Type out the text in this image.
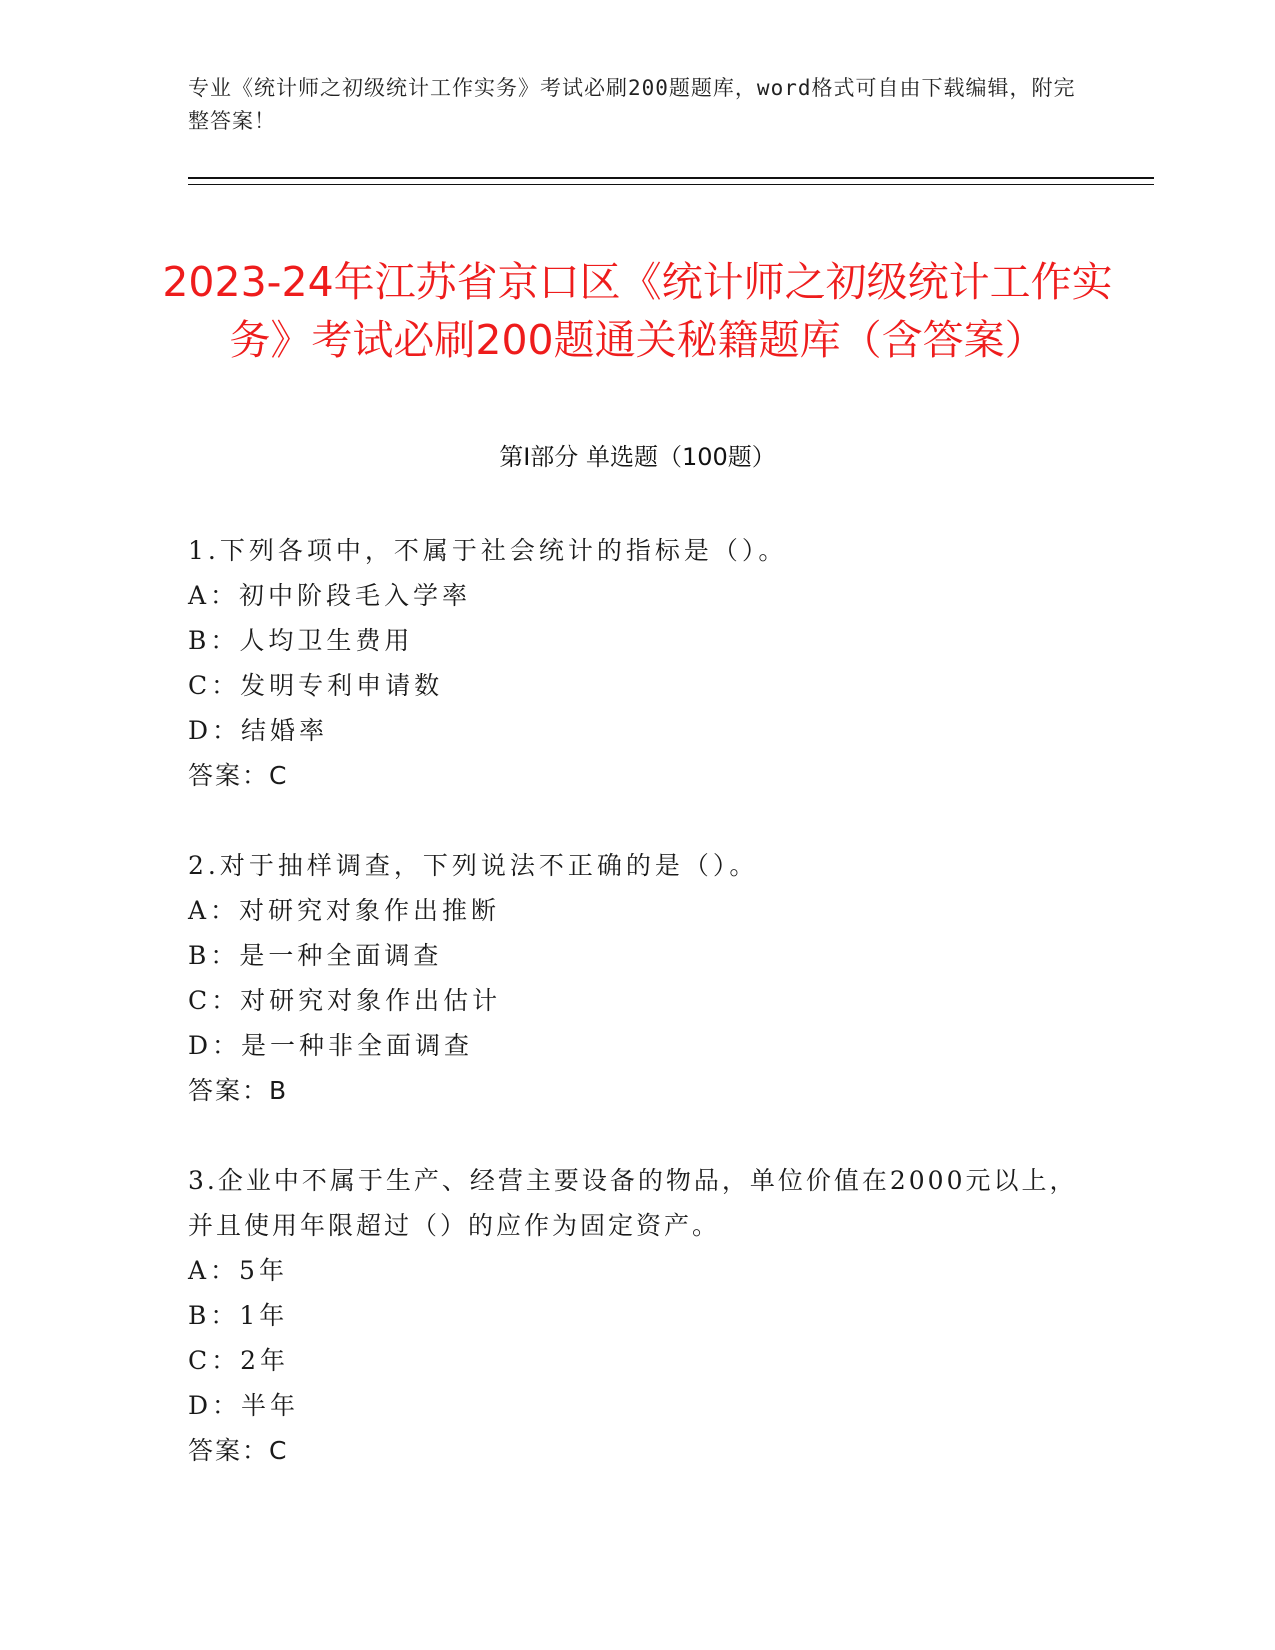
专业《统计师之初级统计工作实务》考试必刷200题题库，word格式可自由下载编辑，附完整答案！
2023-24年江苏省京口区《统计师之初级统计工作实务》考试必刷200题通关秘籍题库（含答案）
第I部分 单选题（100题）
1.下列各项中，不属于社会统计的指标是（）。
A：初中阶段毛入学率
B：人均卫生费用
C：发明专利申请数
D：结婚率
答案：C
2.对于抽样调查，下列说法不正确的是（）。
A：对研究对象作出推断
B：是一种全面调查
C：对研究对象作出估计
D：是一种非全面调查
答案：B
3.企业中不属于生产、经营主要设备的物品，单位价值在2000元以上，并且使用年限超过（）的应作为固定资产。
A：5年
B：1年
C：2年
D：半年
答案：C
